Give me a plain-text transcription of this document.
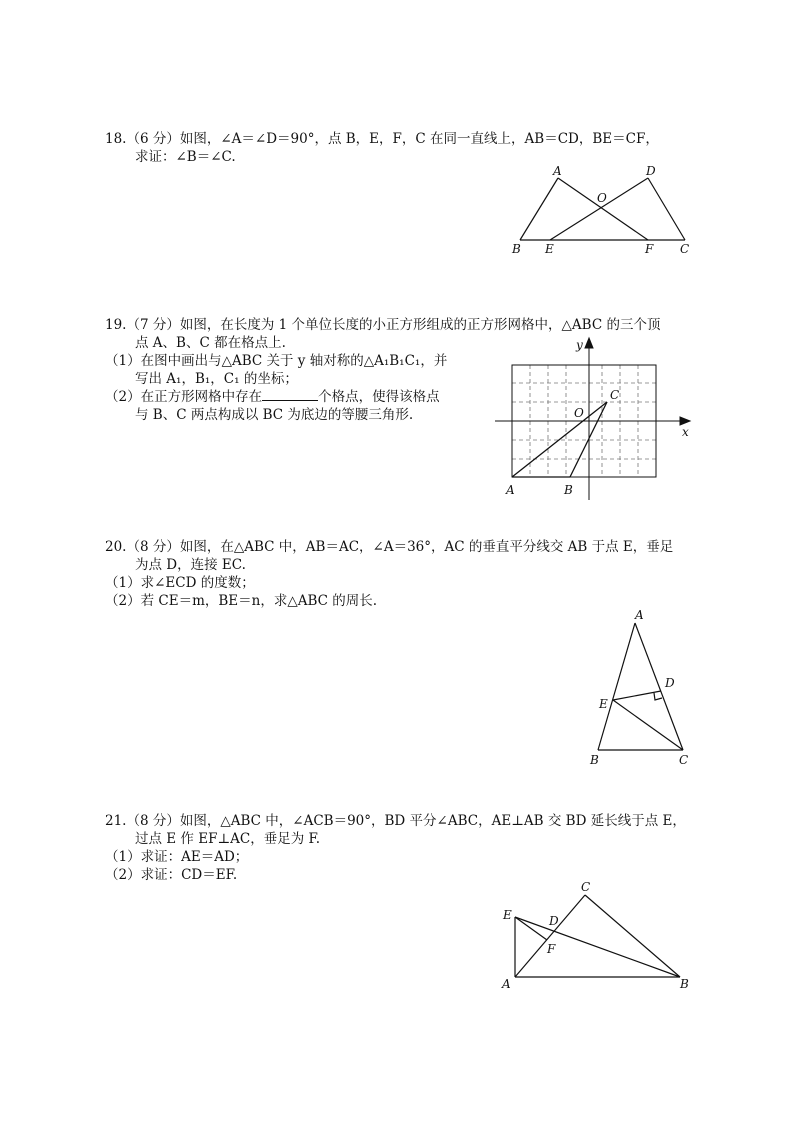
18.（6 分）如图，∠A＝∠D＝90°，点 B，E，F，C 在同一直线上，AB＝CD，BE＝CF，
求证：∠B＝∠C.
A	D
O
B E	F C
19.（7 分）如图，在长度为 1 个单位长度的小正方形组成的正方形网格中，△ABC 的三个顶
点 A、B、C 都在格点上.
（1）在图中画出与△ABC 关于 y 轴对称的△A₁B₁C₁，并
写出 A₁，B₁，C₁ 的坐标；
（2）在正方形网格中存在	个格点，使得该格点
与 B、C 两点构成以 BC 为底边的等腰三角形.
y
x
O
A	B
C
20.（8 分）如图，在△ABC 中，AB＝AC，∠A＝36°，AC 的垂直平分线交 AB 于点 E，垂足
为点 D，连接 EC.
（1）求∠ECD 的度数；
（2）若 CE＝m，BE＝n，求△ABC 的周长.
A
D
E
B	C
21.（8 分）如图，△ABC 中，∠ACB＝90°，BD 平分∠ABC，AE⊥AB 交 BD 延长线于点 E，
过点 E 作 EF⊥AC，垂足为 F.
（1）求证：AE＝AD；
（2）求证：CD＝EF.
C
E	D
F
A	B
